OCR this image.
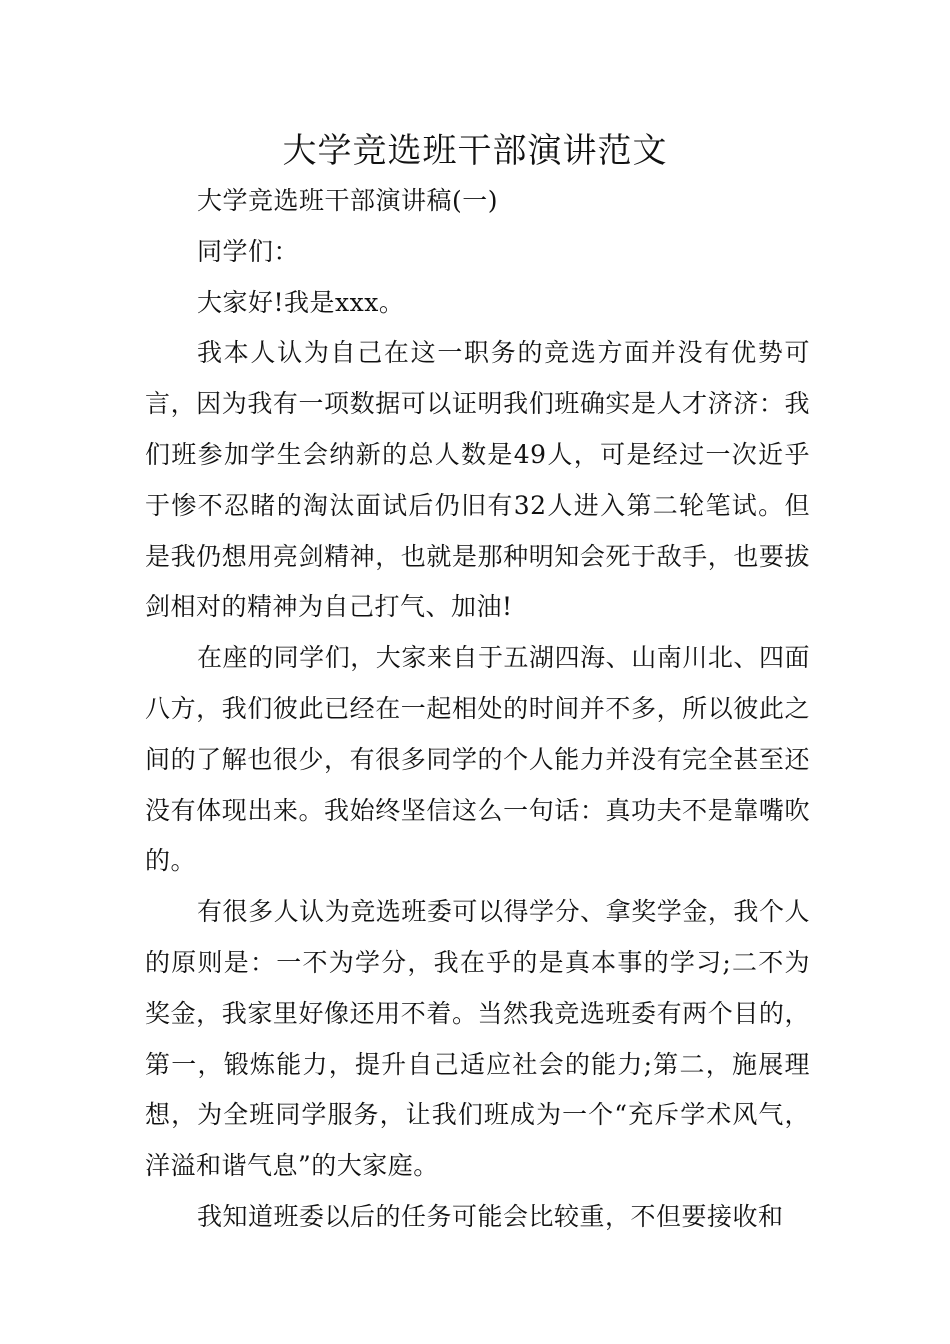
大学竞选班干部演讲范文

大学竞选班干部演讲稿(一)

同学们：

大家好!我是xxx。

我本人认为自己在这一职务的竞选方面并没有优势可言，因为我有一项数据可以证明我们班确实是人才济济：我们班参加学生会纳新的总人数是49人，可是经过一次近乎于惨不忍睹的淘汰面试后仍旧有32人进入第二轮笔试。但是我仍想用亮剑精神，也就是那种明知会死于敌手，也要拔剑相对的精神为自己打气、加油!

在座的同学们，大家来自于五湖四海、山南川北、四面八方，我们彼此已经在一起相处的时间并不多，所以彼此之间的了解也很少，有很多同学的个人能力并没有完全甚至还没有体现出来。我始终坚信这么一句话：真功夫不是靠嘴吹的。

有很多人认为竞选班委可以得学分、拿奖学金，我个人的原则是：一不为学分，我在乎的是真本事的学习;二不为奖金，我家里好像还用不着。当然我竞选班委有两个目的，第一，锻炼能力，提升自己适应社会的能力;第二，施展理想，为全班同学服务，让我们班成为一个“充斥学术风气，洋溢和谐气息”的大家庭。

我知道班委以后的任务可能会比较重，不但要接收和
